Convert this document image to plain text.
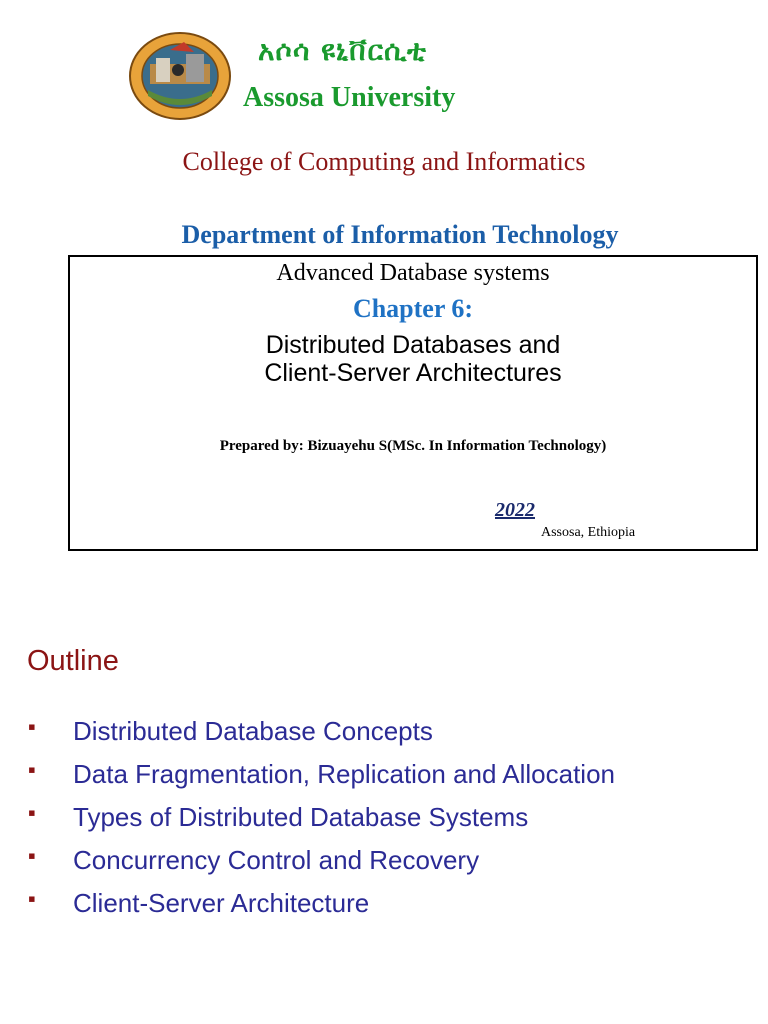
አሶሳ ዩኒቨርሲቲ
Assosa University
College of Computing and Informatics
Department of Information Technology
Advanced Database systems
Chapter 6:
Distributed Databases and
Client-Server Architectures
Prepared by: Bizuayehu S(MSc. In Information Technology)
2022
Assosa, Ethiopia
Outline
▪ Distributed Database Concepts
▪ Data Fragmentation, Replication and Allocation
▪ Types of Distributed Database Systems
▪ Concurrency Control and Recovery
▪ Client-Server Architecture
